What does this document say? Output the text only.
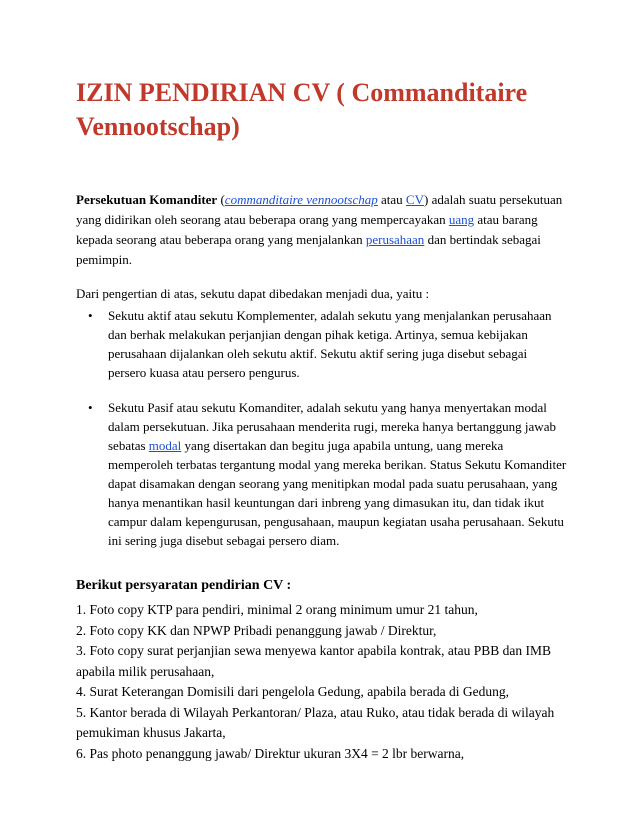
IZIN PENDIRIAN CV ( Commanditaire Vennootschap)

Persekutuan Komanditer (commanditaire vennootschap atau CV) adalah suatu persekutuan yang didirikan oleh seorang atau beberapa orang yang mempercayakan uang atau barang kepada seorang atau beberapa orang yang menjalankan perusahaan dan bertindak sebagai pemimpin.

Dari pengertian di atas, sekutu dapat dibedakan menjadi dua, yaitu :

• Sekutu aktif atau sekutu Komplementer, adalah sekutu yang menjalankan perusahaan dan berhak melakukan perjanjian dengan pihak ketiga. Artinya, semua kebijakan perusahaan dijalankan oleh sekutu aktif. Sekutu aktif sering juga disebut sebagai persero kuasa atau persero pengurus.
• Sekutu Pasif atau sekutu Komanditer, adalah sekutu yang hanya menyertakan modal dalam persekutuan. Jika perusahaan menderita rugi, mereka hanya bertanggung jawab sebatas modal yang disertakan dan begitu juga apabila untung, uang mereka memperoleh terbatas tergantung modal yang mereka berikan. Status Sekutu Komanditer dapat disamakan dengan seorang yang menitipkan modal pada suatu perusahaan, yang hanya menantikan hasil keuntungan dari inbreng yang dimasukan itu, dan tidak ikut campur dalam kepengurusan, pengusahaan, maupun kegiatan usaha perusahaan. Sekutu ini sering juga disebut sebagai persero diam.

Berikut persyaratan pendirian CV :

1. Foto copy KTP para pendiri, minimal 2 orang minimum umur 21 tahun,
2. Foto copy KK dan NPWP Pribadi penanggung jawab / Direktur,
3. Foto copy surat perjanjian sewa menyewa kantor apabila kontrak, atau PBB dan IMB apabila milik perusahaan,
4. Surat Keterangan Domisili dari pengelola Gedung, apabila berada di Gedung,
5. Kantor berada di Wilayah Perkantoran/ Plaza, atau Ruko, atau tidak berada di wilayah pemukiman khusus Jakarta,
6. Pas photo penanggung jawab/ Direktur ukuran 3X4 = 2 lbr berwarna,
